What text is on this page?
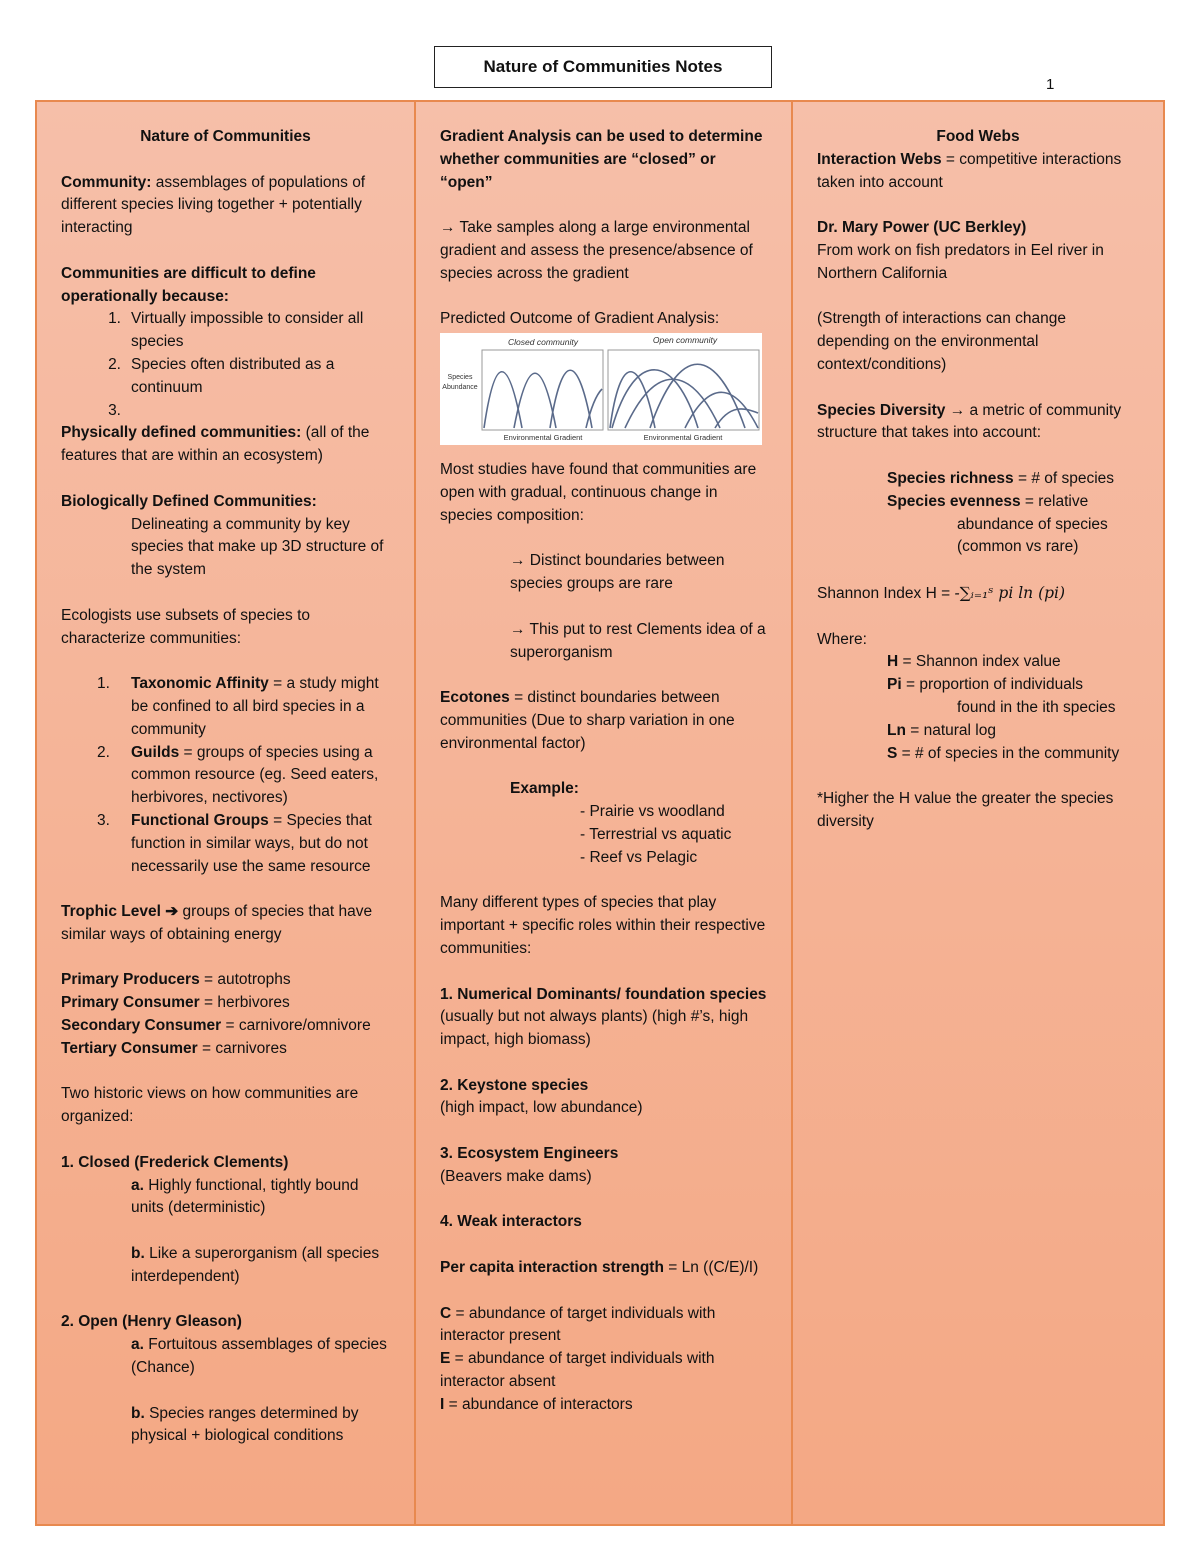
Nature of Communities Notes
1
Nature of Communities
Community: assemblages of populations of different species living together + potentially interacting
Communities are difficult to define operationally because:
1. Virtually impossible to consider all species
2. Species often distributed as a continuum
3.
Physically defined communities: (all of the features that are within an ecosystem)
Biologically Defined Communities:
Delineating a community by key species that make up 3D structure of the system
Ecologists use subsets of species to characterize communities:
1.	Taxonomic Affinity = a study might be confined to all bird species in a community
2.	Guilds = groups of species using a common resource (eg. Seed eaters, herbivores, nectivores)
3.	Functional Groups = Species that function in similar ways, but do not necessarily use the same resource
Trophic Level ➔ groups of species that have similar ways of obtaining energy
Primary Producers = autotrophs
Primary Consumer = herbivores
Secondary Consumer = carnivore/omnivore
Tertiary Consumer = carnivores
Two historic views on how communities are organized:
1. Closed (Frederick Clements)
a. Highly functional, tightly bound units (deterministic)
b. Like a superorganism (all species interdependent)
2. Open (Henry Gleason)
a. Fortuitous assemblages of species (Chance)
b. Species ranges determined by physical + biological conditions
Gradient Analysis can be used to determine whether communities are “closed” or “open”
→ Take samples along a large environmental gradient and assess the presence/absence of species across the gradient
Predicted Outcome of Gradient Analysis:
Closed community	Open community
Species
Abundance
Environmental Gradient	Environmental Gradient
Most studies have found that communities are open with gradual, continuous change in species composition:
→ Distinct boundaries between species groups are rare
→ This put to rest Clements idea of a superorganism
Ecotones = distinct boundaries between communities (Due to sharp variation in one environmental factor)
Example:
- Prairie vs woodland
- Terrestrial vs aquatic
- Reef vs Pelagic
Many different types of species that play important + specific roles within their respective communities:
1. Numerical Dominants/ foundation species (usually but not always plants) (high #’s, high impact, high biomass)
2. Keystone species
(high impact, low abundance)
3. Ecosystem Engineers
(Beavers make dams)
4. Weak interactors
Per capita interaction strength = Ln ((C/E)/I)
C = abundance of target individuals with interactor present
E = abundance of target individuals with interactor absent
I = abundance of interactors
Food Webs
Interaction Webs = competitive interactions taken into account
Dr. Mary Power (UC Berkley)
From work on fish predators in Eel river in Northern California
(Strength of interactions can change depending on the environmental context/conditions)
Species Diversity → a metric of community structure that takes into account:
Species richness = # of species
Species evenness = relative
abundance of species
(common vs rare)
Shannon Index H = -∑ᵢ₌₁ˢ pi ln (pi)
Where:
H = Shannon index value
Pi = proportion of individuals
found in the ith species
Ln = natural log
S = # of species in the community
*Higher the H value the greater the species diversity
